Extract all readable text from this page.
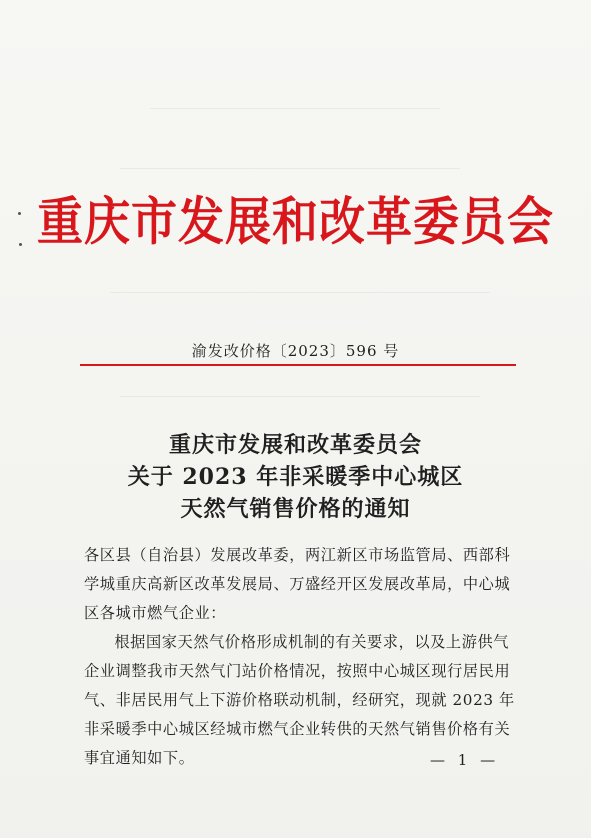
重庆市发展和改革委员会
渝发改价格〔2023〕596 号
重庆市发展和改革委员会
关于 2023 年非采暖季中心城区
天然气销售价格的通知
各区县（自治县）发展改革委，两江新区市场监管局、西部科学城重庆高新区改革发展局、万盛经开区发展改革局，中心城区各城市燃气企业：
根据国家天然气价格形成机制的有关要求，以及上游供气企业调整我市天然气门站价格情况，按照中心城区现行居民用气、非居民用气上下游价格联动机制，经研究，现就 2023 年非采暖季中心城区经城市燃气企业转供的天然气销售价格有关事宜通知如下。	— 1 —
